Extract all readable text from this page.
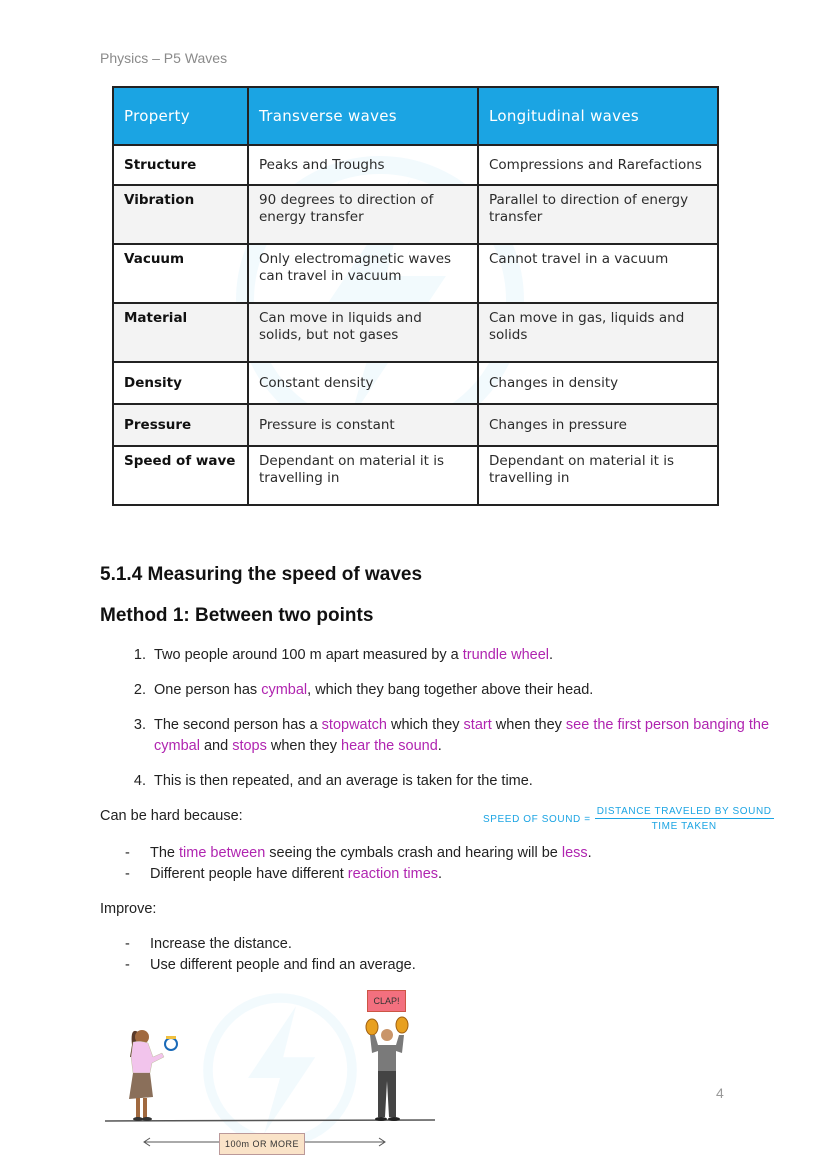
Physics – P5 Waves
Property	Transverse waves	Longitudinal waves
Structure	Peaks and Troughs	Compressions and Rarefactions
Vibration	90 degrees to direction of energy transfer	Parallel to direction of energy transfer
Vacuum	Only electromagnetic waves can travel in vacuum	Cannot travel in a vacuum
Material	Can move in liquids and solids, but not gases	Can move in gas, liquids and solids
Density	Constant density	Changes in density
Pressure	Pressure is constant	Changes in pressure
Speed of wave	Dependant on material it is travelling in	Dependant on material it is travelling in
5.1.4 Measuring the speed of waves
Method 1: Between two points
1. Two people around 100 m apart measured by a trundle wheel.
2. One person has cymbal, which they bang together above their head.
3. The second person has a stopwatch which they start when they see the first person banging the cymbal and stops when they hear the sound.
4. This is then repeated, and an average is taken for the time.
Can be hard because:	SPEED OF SOUND = $\frac{\text{DISTANCE TRAVELED BY SOUND}}{\text{TIME TAKEN}}$
- The time between seeing the cymbals crash and hearing will be less.
- Different people have different reaction times.
Improve:
- Increase the distance.
- Use different people and find an average.
CLAP!
100m OR MORE
4
